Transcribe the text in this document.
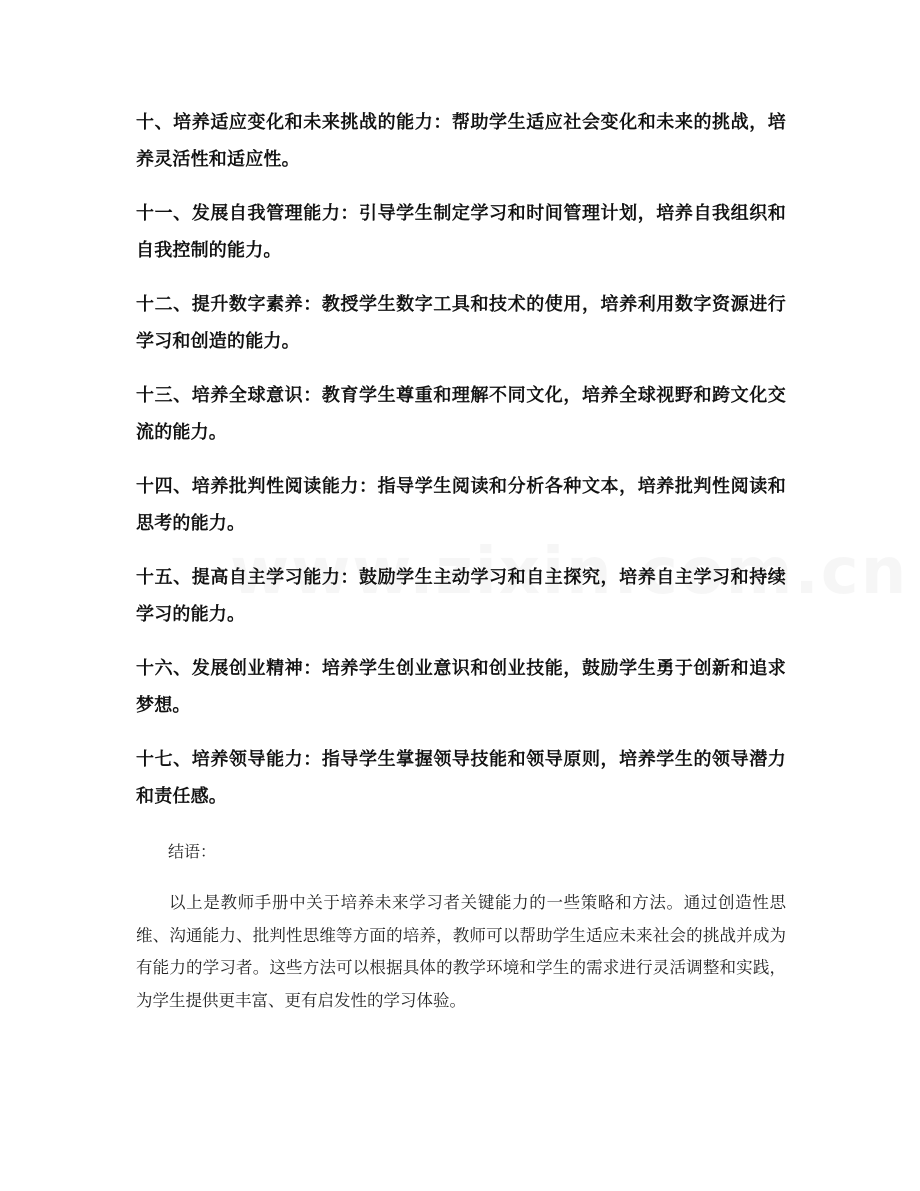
十、培养适应变化和未来挑战的能力：帮助学生适应社会变化和未来的挑战，培养灵活性和适应性。

十一、发展自我管理能力：引导学生制定学习和时间管理计划，培养自我组织和自我控制的能力。

十二、提升数字素养：教授学生数字工具和技术的使用，培养利用数字资源进行学习和创造的能力。

十三、培养全球意识：教育学生尊重和理解不同文化，培养全球视野和跨文化交流的能力。

十四、培养批判性阅读能力：指导学生阅读和分析各种文本，培养批判性阅读和思考的能力。

十五、提高自主学习能力：鼓励学生主动学习和自主探究，培养自主学习和持续学习的能力。

十六、发展创业精神：培养学生创业意识和创业技能，鼓励学生勇于创新和追求梦想。

十七、培养领导能力：指导学生掌握领导技能和领导原则，培养学生的领导潜力和责任感。

结语：

以上是教师手册中关于培养未来学习者关键能力的一些策略和方法。通过创造性思维、沟通能力、批判性思维等方面的培养，教师可以帮助学生适应未来社会的挑战并成为有能力的学习者。这些方法可以根据具体的教学环境和学生的需求进行灵活调整和实践，为学生提供更丰富、更有启发性的学习体验。
